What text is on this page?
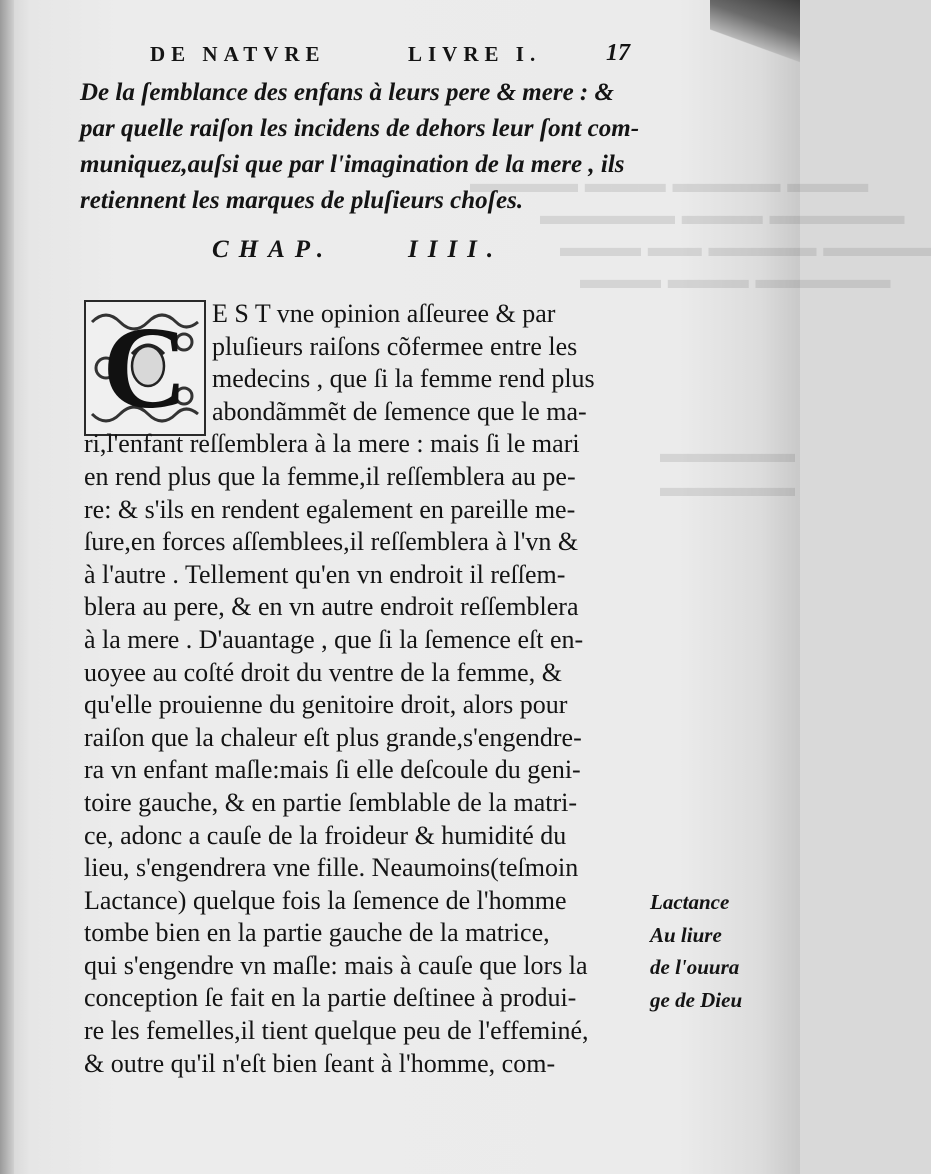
▬▬▬ ▬▬▬▬ ▬▬▬ ▬▬▬▬
▬▬▬▬▬ ▬▬▬ ▬▬▬▬▬
▬▬▬▬ ▬▬▬▬ ▬▬ ▬▬▬
▬▬▬▬▬ ▬▬▬ ▬▬▬
▬▬▬▬▬
▬▬▬▬▬
DE NATVRE	LIVRE I.	17
De la ſemblance des enfans à leurs pere & mere : &
par quelle raiſon les incidens de dehors leur ſont com-
muniquez,auſsi que par l'imagination de la mere , ils
retiennent les marques de pluſieurs choſes.
CHAP.	IIII.
C E S T vne opinion aſſeuree & par
pluſieurs raiſons cõfermee entre les
medecins , que ſi la femme rend plus
abondãmmẽt de ſemence que le ma-
ri,l'enfant reſſemblera à la mere : mais ſi le mari
en rend plus que la femme,il reſſemblera au pe-
re: & s'ils en rendent egalement en pareille me-
ſure,en forces aſſemblees,il reſſemblera à l'vn &
à l'autre . Tellement qu'en vn endroit il reſſem-
blera au pere, & en vn autre endroit reſſemblera
à la mere . D'auantage , que ſi la ſemence eſt en-
uoyee au coſté droit du ventre de la femme, &
qu'elle prouienne du genitoire droit, alors pour
raiſon que la chaleur eſt plus grande,s'engendre-
ra vn enfant maſle:mais ſi elle deſcoule du geni-
toire gauche, & en partie ſemblable de la matri-
ce, adonc a cauſe de la froideur & humidité du
lieu, s'engendrera vne fille. Neaumoins(teſmoin
Lactance) quelque fois la ſemence de l'homme
tombe bien en la partie gauche de la matrice,
qui s'engendre vn maſle: mais à cauſe que lors la
conception ſe fait en la partie deſtinee à produi-
re les femelles,il tient quelque peu de l'effeminé,
& outre qu'il n'eſt bien ſeant à l'homme, com-
Lactance
Au liure
de l'ouura
ge de Dieu
